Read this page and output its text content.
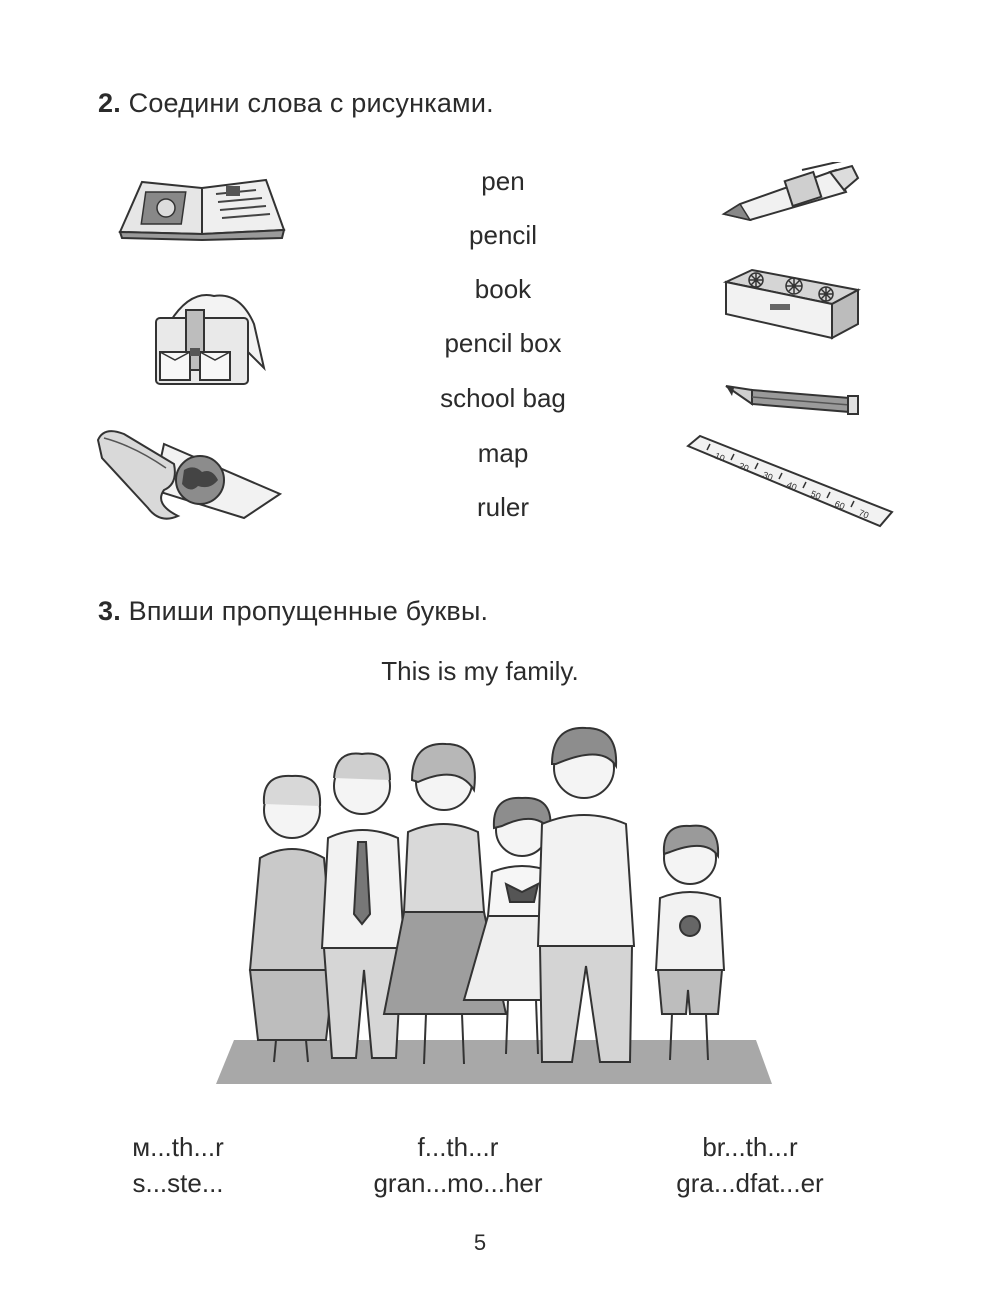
2. Соедини слова с рисунками.
pen
pencil
book
pencil box
school bag
map
ruler
10
20
30
40
50
60
70
3. Впиши пропущенные буквы.
This is my family.
м...th...r	f...th...r	br...th...r
s...ste...	gran...mo...her	gra...dfat...er
5
